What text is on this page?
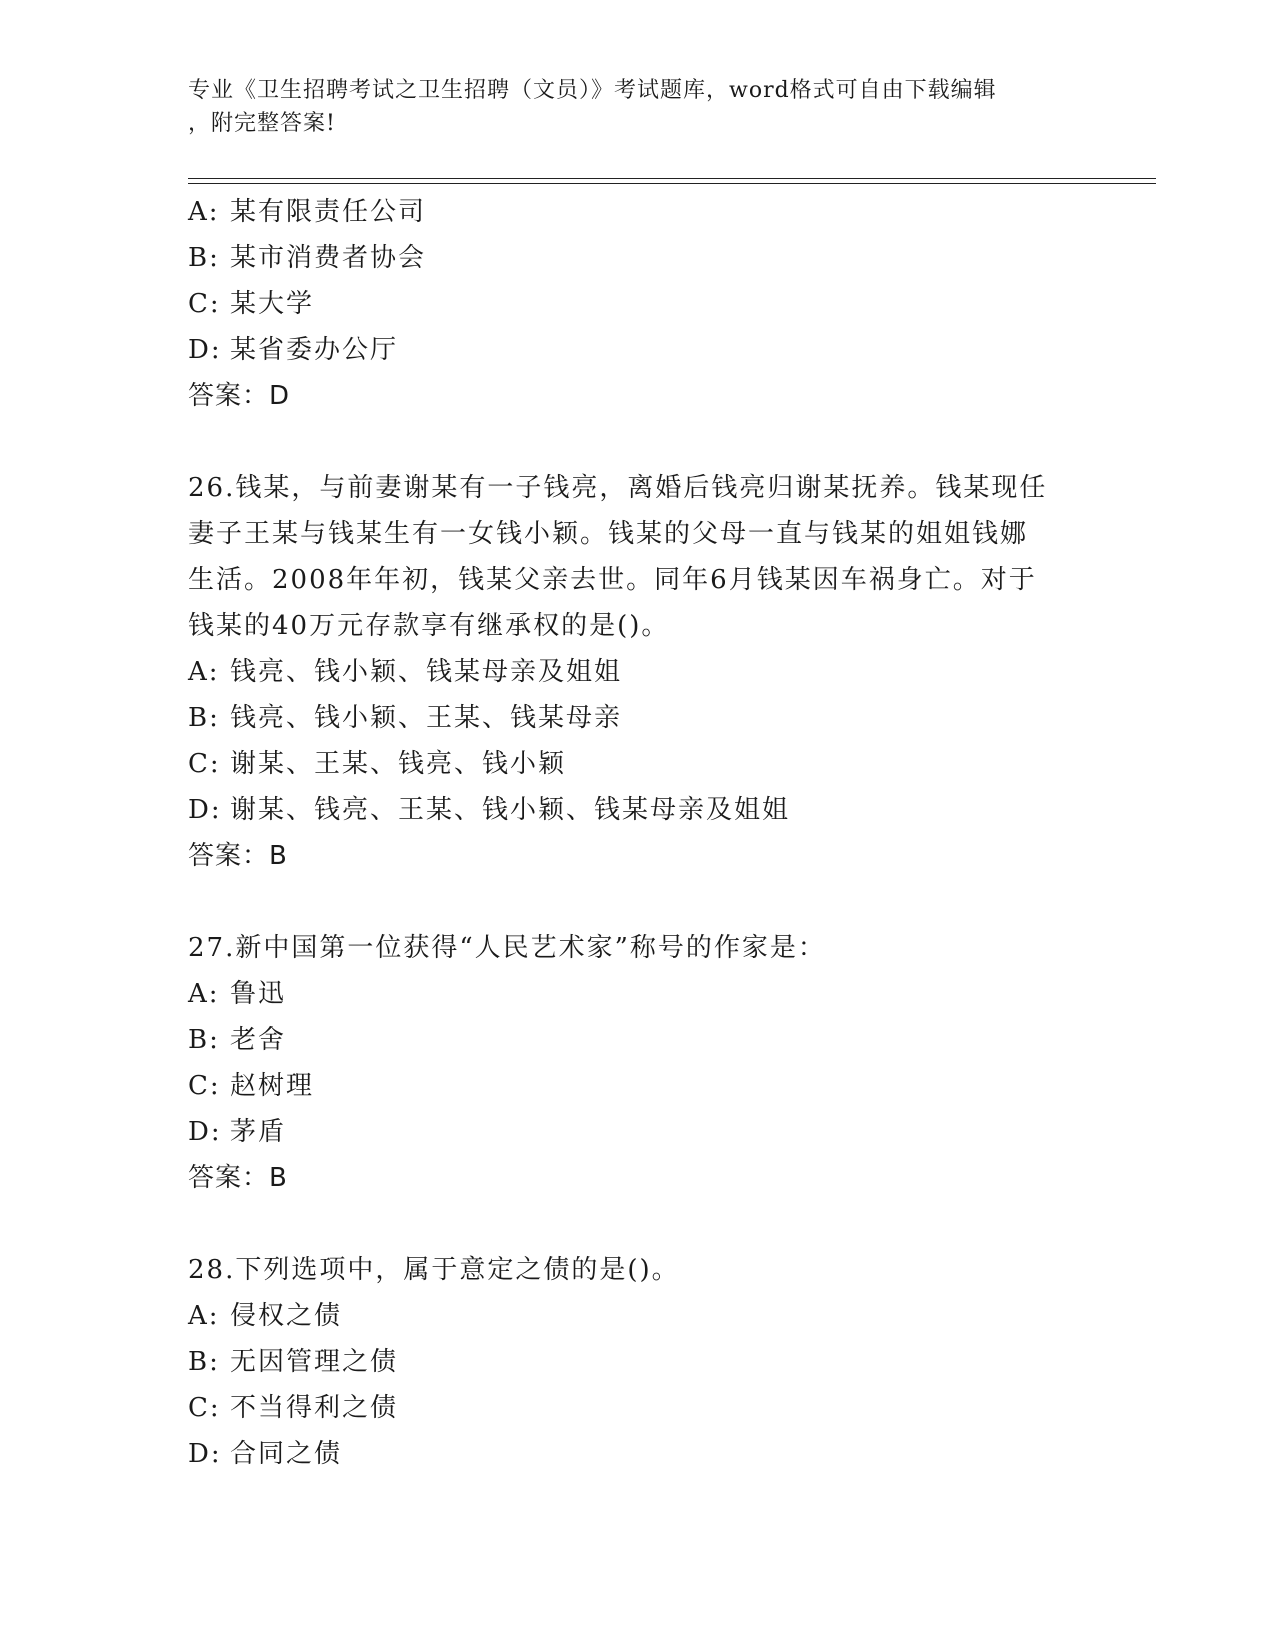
专业《卫生招聘考试之卫生招聘（文员）》考试题库，word格式可自由下载编辑
，附完整答案!
A: 某有限责任公司
B: 某市消费者协会
C: 某大学
D: 某省委办公厅
答案：D
26.钱某，与前妻谢某有一子钱亮，离婚后钱亮归谢某抚养。钱某现任妻子王某与钱某生有一女钱小颖。钱某的父母一直与钱某的姐姐钱娜生活。2008年年初，钱某父亲去世。同年6月钱某因车祸身亡。对于钱某的40万元存款享有继承权的是()。
A: 钱亮、钱小颖、钱某母亲及姐姐
B: 钱亮、钱小颖、王某、钱某母亲
C: 谢某、王某、钱亮、钱小颖
D: 谢某、钱亮、王某、钱小颖、钱某母亲及姐姐
答案：B
27.新中国第一位获得“人民艺术家”称号的作家是：
A: 鲁迅
B: 老舍
C: 赵树理
D: 茅盾
答案：B
28.下列选项中，属于意定之债的是()。
A: 侵权之债
B: 无因管理之债
C: 不当得利之债
D: 合同之债
